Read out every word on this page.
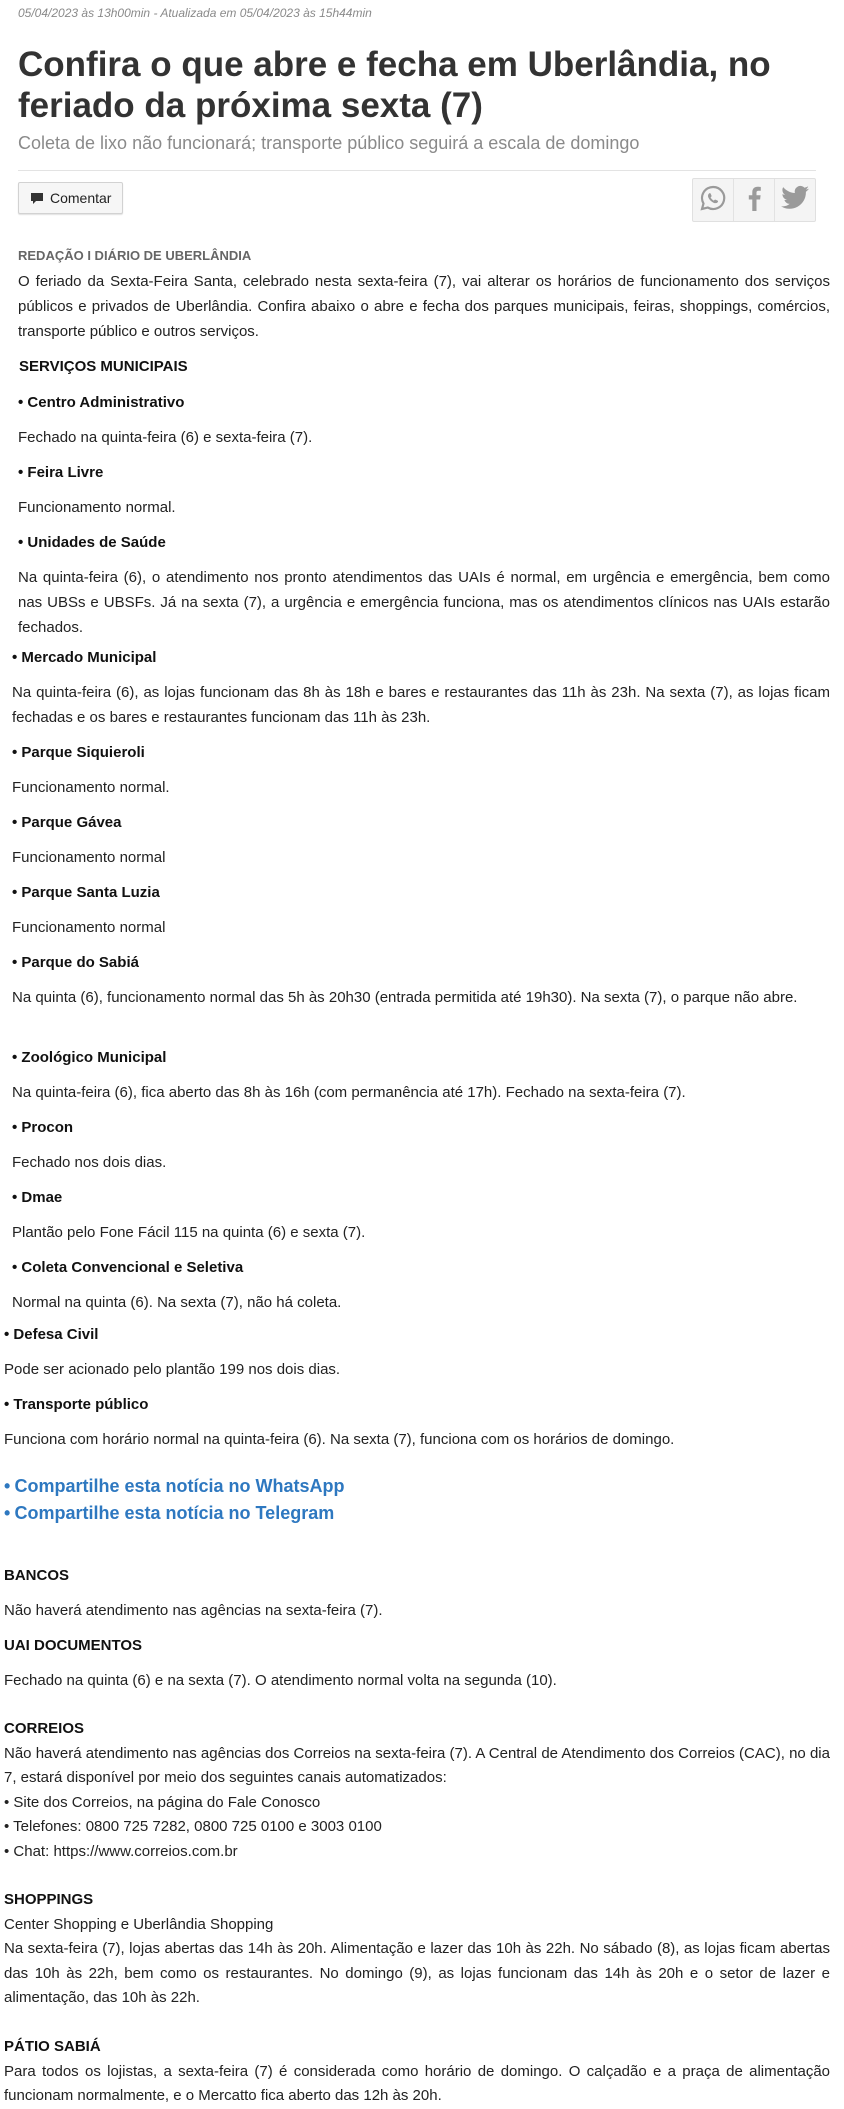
05/04/2023 às 13h00min - Atualizada em 05/04/2023 às 15h44min
Confira o que abre e fecha em Uberlândia, no feriado da próxima sexta (7)

Coleta de lixo não funcionará; transporte público seguirá a escala de domingo

Comentar
REDAÇÃO I DIÁRIO DE UBERLÂNDIA

O feriado da Sexta-Feira Santa, celebrado nesta sexta-feira (7), vai alterar os horários de funcionamento dos serviços públicos e privados de Uberlândia. Confira abaixo o abre e fecha dos parques municipais, feiras, shoppings, comércios, transporte público e outros serviços.

SERVIÇOS MUNICIPAIS
• Centro Administrativo

Fechado na quinta-feira (6) e sexta-feira (7).

• Feira Livre

Funcionamento normal.

• Unidades de Saúde

Na quinta-feira (6), o atendimento nos pronto atendimentos das UAIs é normal, em urgência e emergência, bem como nas UBSs e UBSFs. Já na sexta (7), a urgência e emergência funciona, mas os atendimentos clínicos nas UAIs estarão fechados.

• Mercado Municipal

Na quinta-feira (6), as lojas funcionam das 8h às 18h e bares e restaurantes das 11h às 23h. Na sexta (7), as lojas ficam fechadas e os bares e restaurantes funcionam das 11h às 23h.

• Parque Siquieroli

Funcionamento normal.

• Parque Gávea

Funcionamento normal

• Parque Santa Luzia

Funcionamento normal

• Parque do Sabiá

Na quinta (6), funcionamento normal das 5h às 20h30 (entrada permitida até 19h30). Na sexta (7), o parque não abre.

• Zoológico Municipal

Na quinta-feira (6), fica aberto das 8h às 16h (com permanência até 17h). Fechado na sexta-feira (7).

• Procon

Fechado nos dois dias.

• Dmae

Plantão pelo Fone Fácil 115 na quinta (6) e sexta (7).

• Coleta Convencional e Seletiva

Normal na quinta (6). Na sexta (7), não há coleta.

• Defesa Civil

Pode ser acionado pelo plantão 199 nos dois dias.

• Transporte público

Funciona com horário normal na quinta-feira (6). Na sexta (7), funciona com os horários de domingo.

• Compartilhe esta notícia no WhatsApp
• Compartilhe esta notícia no Telegram
BANCOS

Não haverá atendimento nas agências na sexta-feira (7).

UAI DOCUMENTOS

Fechado na quinta (6) e na sexta (7). O atendimento normal volta na segunda (10).

CORREIOS

Não haverá atendimento nas agências dos Correios na sexta-feira (7). A Central de Atendimento dos Correios (CAC), no dia 7, estará disponível por meio dos seguintes canais automatizados:

• Site dos Correios, na página do Fale Conosco
• Telefones: 0800 725 7282, 0800 725 0100 e 3003 0100
• Chat: https://www.correios.com.br
SHOPPINGS
Center Shopping e Uberlândia Shopping

Na sexta-feira (7), lojas abertas das 14h às 20h. Alimentação e lazer das 10h às 22h. No sábado (8), as lojas ficam abertas das 10h às 22h, bem como os restaurantes. No domingo (9), as lojas funcionam das 14h às 20h e o setor de lazer e alimentação, das 10h às 22h.

PÁTIO SABIÁ

Para todos os lojistas, a sexta-feira (7) é considerada como horário de domingo. O calçadão e a praça de alimentação funcionam normalmente, e o Mercatto fica aberto das 12h às 20h.
